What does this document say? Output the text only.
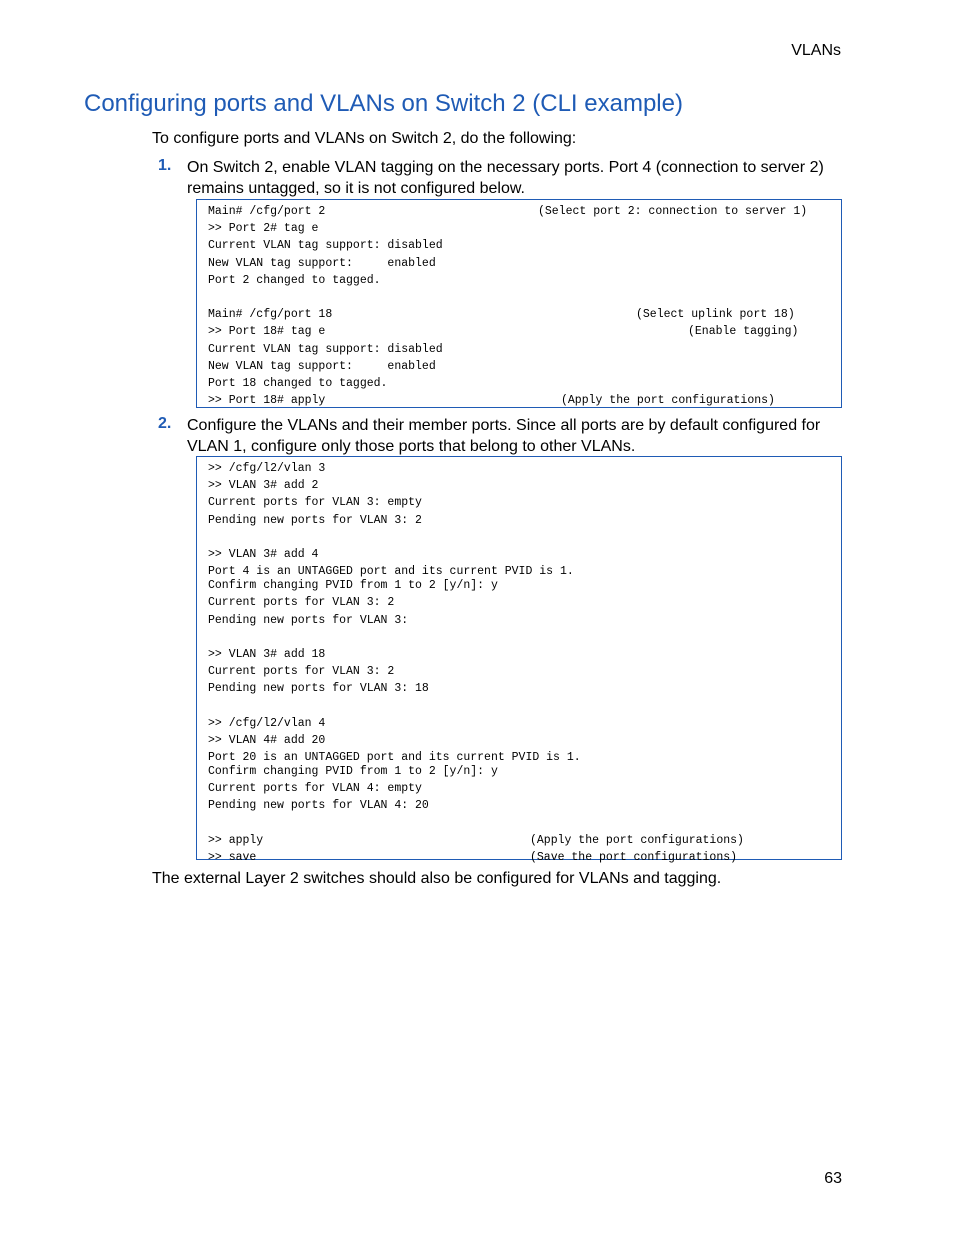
VLANs
Configuring ports and VLANs on Switch 2 (CLI example)

To configure ports and VLANs on Switch 2, do the following:

1. On Switch 2, enable VLAN tagging on the necessary ports. Port 4 (connection to server 2) remains untagged, so it is not configured below.
Main# /cfg/port 2	(Select port 2: connection to server 1)
>> Port 2# tag e
Current VLAN tag support: disabled
New VLAN tag support:     enabled
Port 2 changed to tagged.
Main# /cfg/port 18	(Select uplink port 18)
>> Port 18# tag e	(Enable tagging)
Current VLAN tag support: disabled
New VLAN tag support:     enabled
Port 18 changed to tagged.
>> Port 18# apply	(Apply the port configurations)
2. Configure the VLANs and their member ports. Since all ports are by default configured for VLAN 1, configure only those ports that belong to other VLANs.
>> /cfg/l2/vlan 3
>> VLAN 3# add 2
Current ports for VLAN 3: empty
Pending new ports for VLAN 3: 2
>> VLAN 3# add 4
Port 4 is an UNTAGGED port and its current PVID is 1.
Confirm changing PVID from 1 to 2 [y/n]: y
Current ports for VLAN 3: 2
Pending new ports for VLAN 3:
>> VLAN 3# add 18
Current ports for VLAN 3: 2
Pending new ports for VLAN 3: 18
>> /cfg/l2/vlan 4
>> VLAN 4# add 20
Port 20 is an UNTAGGED port and its current PVID is 1.
Confirm changing PVID from 1 to 2 [y/n]: y
Current ports for VLAN 4: empty
Pending new ports for VLAN 4: 20
>> apply	(Apply the port configurations)
>> save	(Save the port configurations)

The external Layer 2 switches should also be configured for VLANs and tagging.

63
